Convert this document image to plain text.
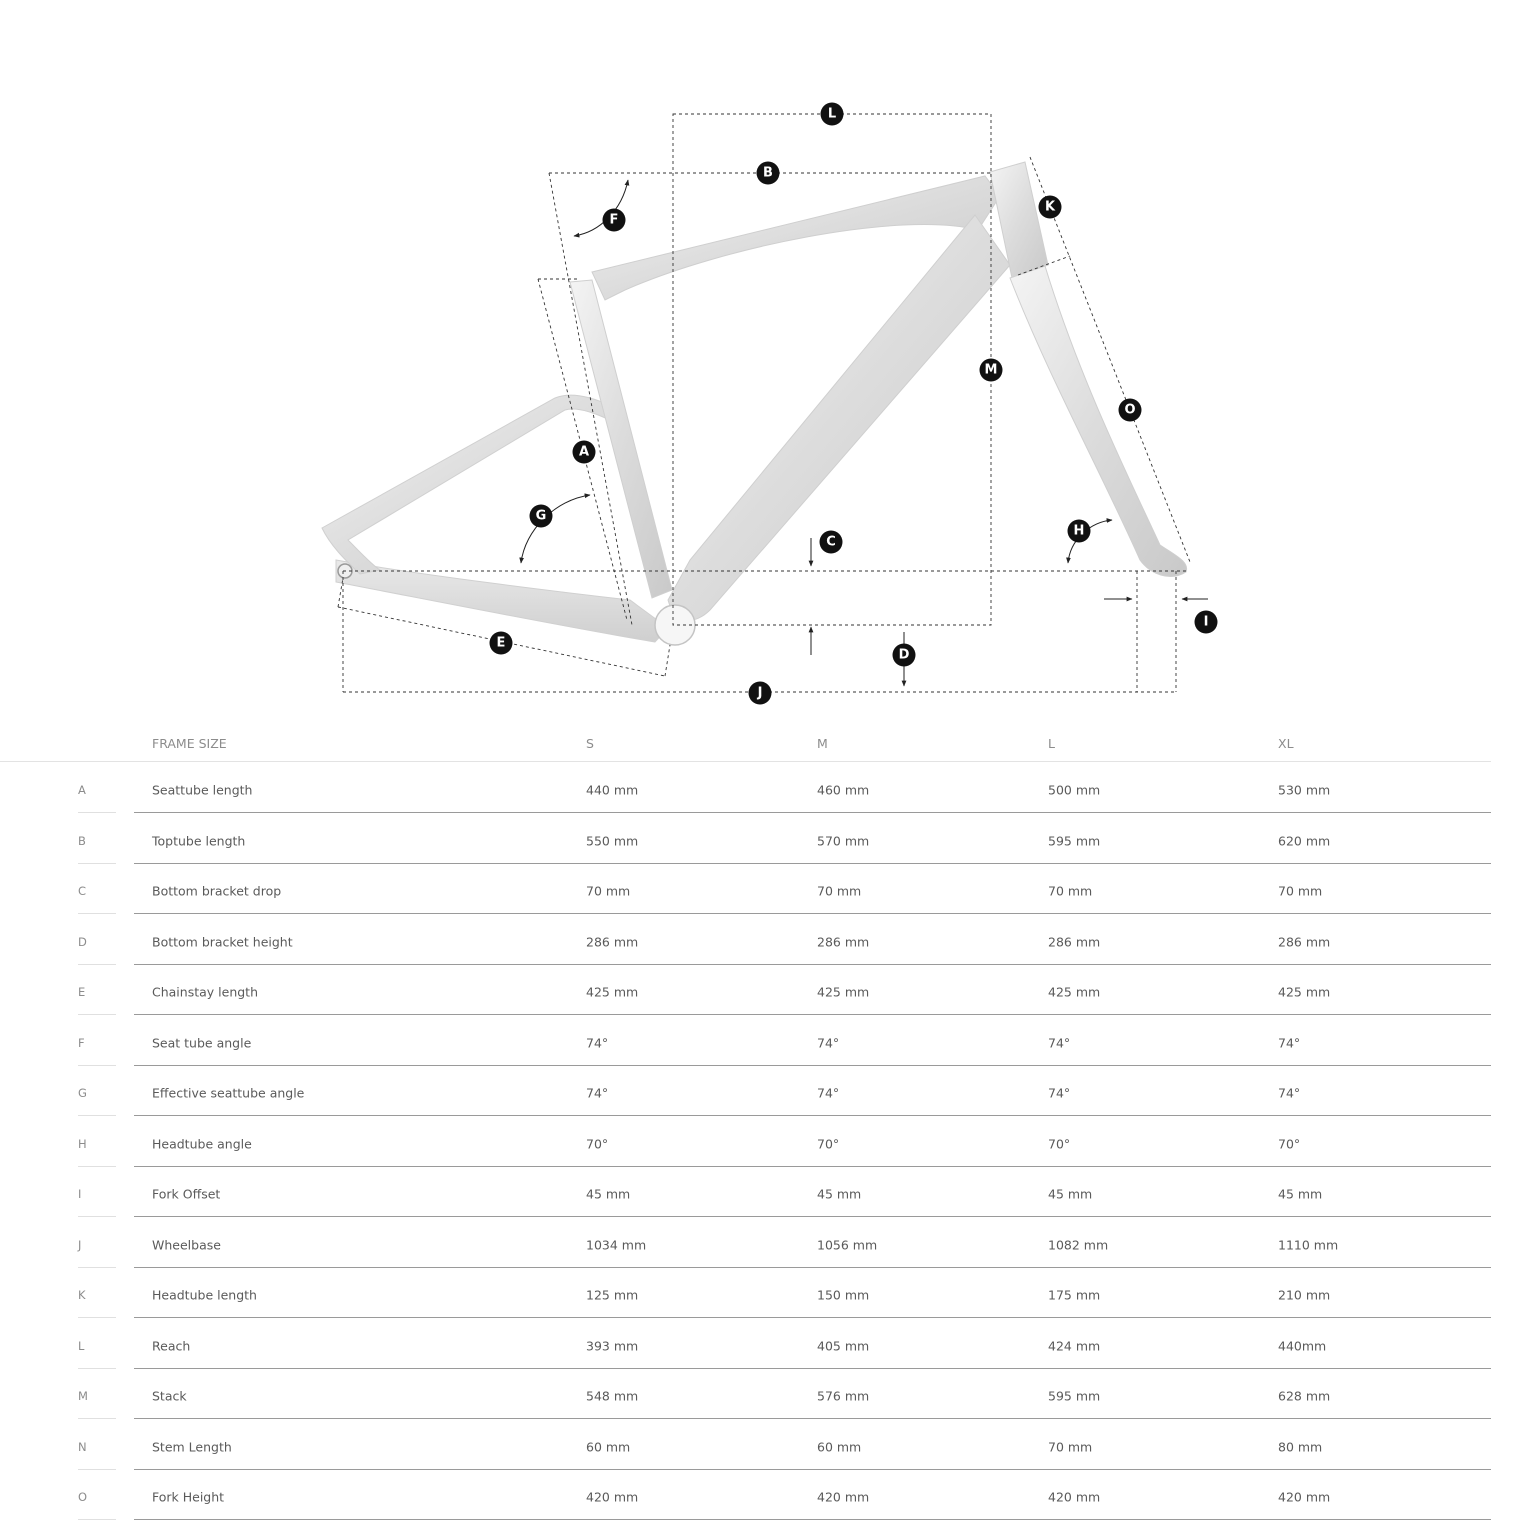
L
B
F
K
M
O
A
G
H
C
I
E
D
J
FRAME SIZE	S	M	L	XL
A	Seattube length	440 mm	460 mm	500 mm	530 mm
B	Toptube length	550 mm	570 mm	595 mm	620 mm
C	Bottom bracket drop	70 mm	70 mm	70 mm	70 mm
D	Bottom bracket height	286 mm	286 mm	286 mm	286 mm
E	Chainstay length	425 mm	425 mm	425 mm	425 mm
F	Seat tube angle	74°	74°	74°	74°
G	Effective seattube angle	74°	74°	74°	74°
H	Headtube angle	70°	70°	70°	70°
I	Fork Offset	45 mm	45 mm	45 mm	45 mm
J	Wheelbase	1034 mm	1056 mm	1082 mm	1110 mm
K	Headtube length	125 mm	150 mm	175 mm	210 mm
L	Reach	393 mm	405 mm	424 mm	440mm
M	Stack	548 mm	576 mm	595 mm	628 mm
N	Stem Length	60 mm	60 mm	70 mm	80 mm
O	Fork Height	420 mm	420 mm	420 mm	420 mm
